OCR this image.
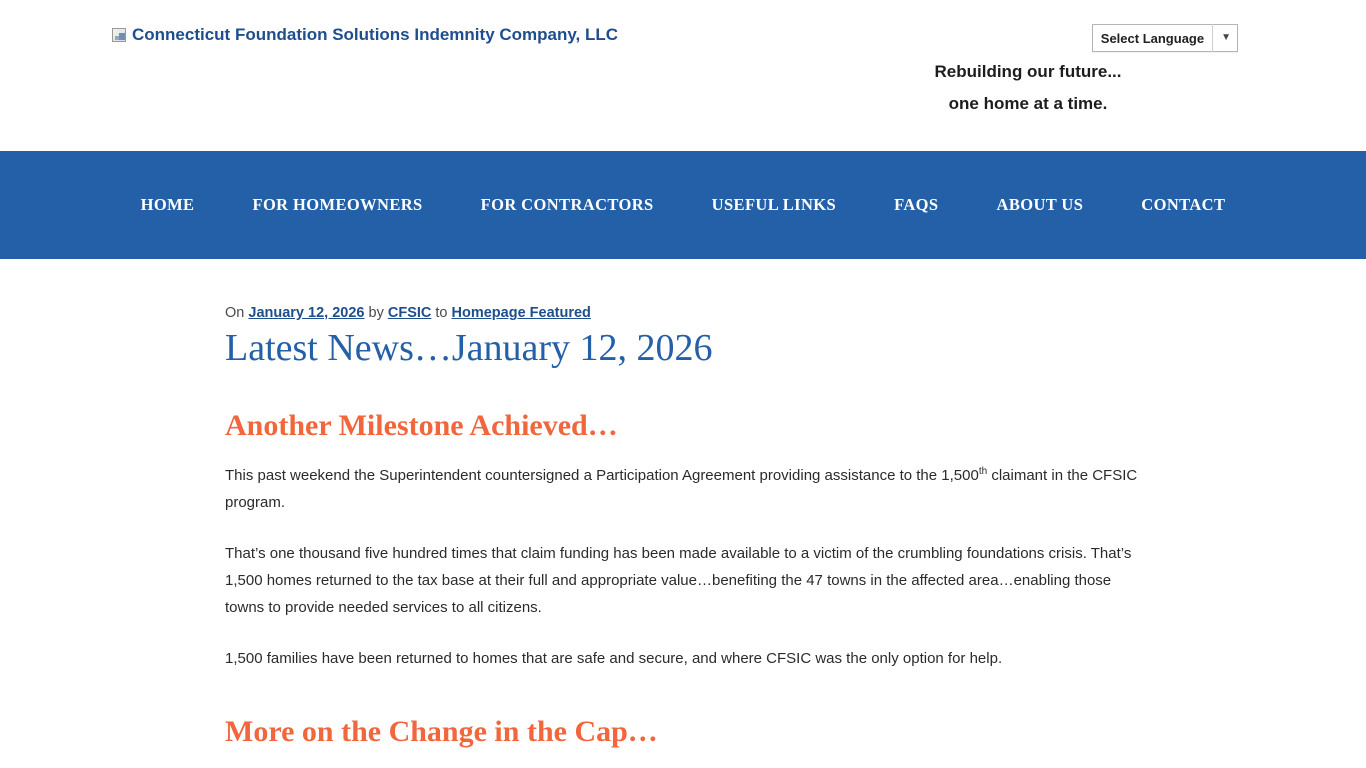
Connecticut Foundation Solutions Indemnity Company, LLC	Select Language ▼
Rebuilding our future...
one home at a time.
HOME	FOR HOMEOWNERS	FOR CONTRACTORS	USEFUL LINKS	FAQS	ABOUT US	CONTACT
On January 12, 2026 by CFSIC to Homepage Featured
Latest News…January 12, 2026
Another Milestone Achieved…

This past weekend the Superintendent countersigned a Participation Agreement providing assistance to the 1,500th claimant in the CFSIC program.

That’s one thousand five hundred times that claim funding has been made available to a victim of the crumbling foundations crisis. That’s 1,500 homes returned to the tax base at their full and appropriate value…benefiting the 47 towns in the affected area…enabling those towns to provide needed services to all citizens.

1,500 families have been returned to homes that are safe and secure, and where CFSIC was the only option for help.

More on the Change in the Cap…
